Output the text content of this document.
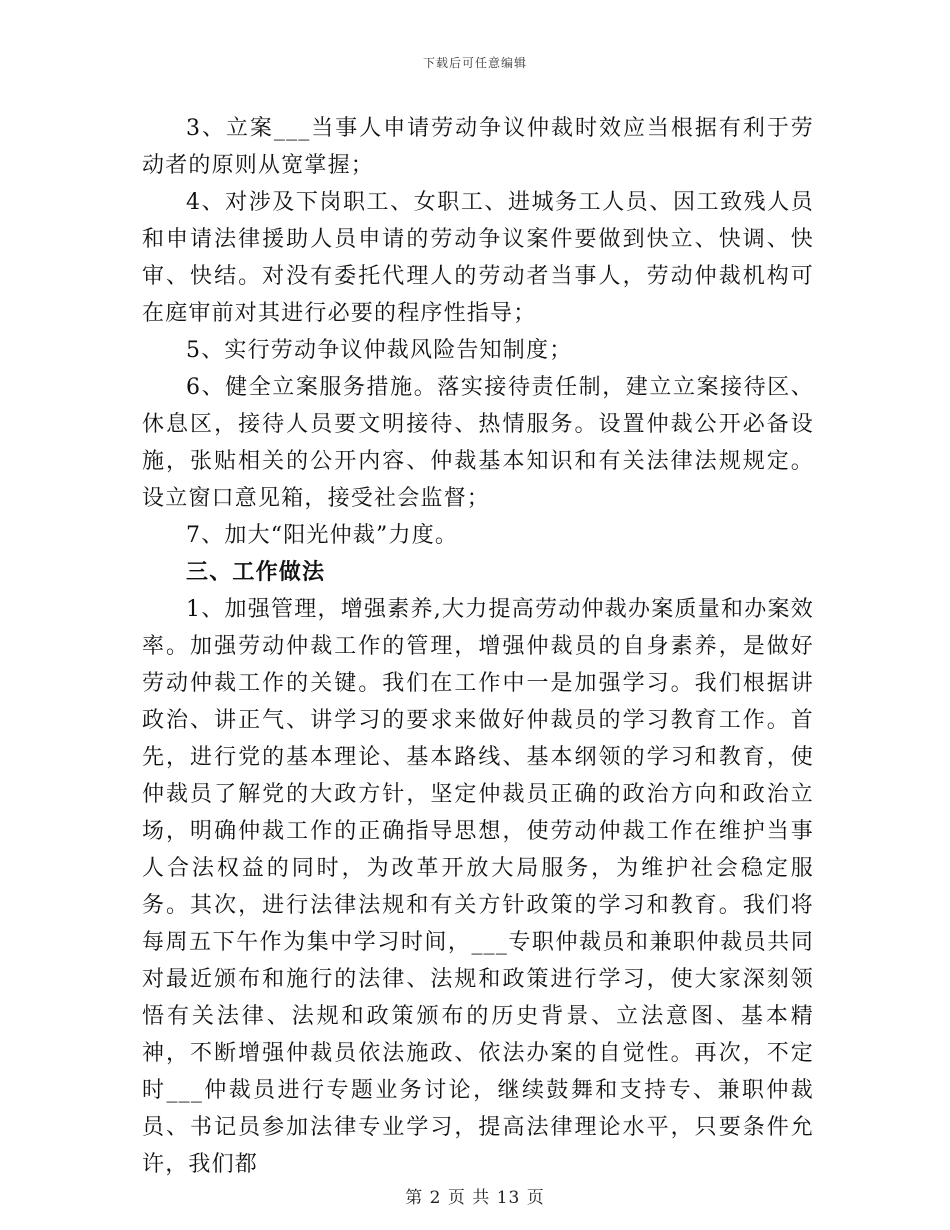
下载后可任意编辑

3、立案___当事人申请劳动争议仲裁时效应当根据有利于劳动者的原则从宽掌握；

4、对涉及下岗职工、女职工、进城务工人员、因工致残人员和申请法律援助人员申请的劳动争议案件要做到快立、快调、快审、快结。对没有委托代理人的劳动者当事人，劳动仲裁机构可在庭审前对其进行必要的程序性指导；

5、实行劳动争议仲裁风险告知制度；

6、健全立案服务措施。落实接待责任制，建立立案接待区、休息区，接待人员要文明接待、热情服务。设置仲裁公开必备设施，张贴相关的公开内容、仲裁基本知识和有关法律法规规定。设立窗口意见箱，接受社会监督；

7、加大“阳光仲裁”力度。

三、工作做法

1、加强管理，增强素养,大力提高劳动仲裁办案质量和办案效率。加强劳动仲裁工作的管理，增强仲裁员的自身素养，是做好劳动仲裁工作的关键。我们在工作中一是加强学习。我们根据讲政治、讲正气、讲学习的要求来做好仲裁员的学习教育工作。首先，进行党的基本理论、基本路线、基本纲领的学习和教育，使仲裁员了解党的大政方针，坚定仲裁员正确的政治方向和政治立场，明确仲裁工作的正确指导思想，使劳动仲裁工作在维护当事人合法权益的同时，为改革开放大局服务，为维护社会稳定服务。其次，进行法律法规和有关方针政策的学习和教育。我们将每周五下午作为集中学习时间，___专职仲裁员和兼职仲裁员共同对最近颁布和施行的法律、法规和政策进行学习，使大家深刻领悟有关法律、法规和政策颁布的历史背景、立法意图、基本精神，不断增强仲裁员依法施政、依法办案的自觉性。再次，不定时___仲裁员进行专题业务讨论，继续鼓舞和支持专、兼职仲裁员、书记员参加法律专业学习，提高法律理论水平，只要条件允许，我们都

第 2 页 共 13 页
